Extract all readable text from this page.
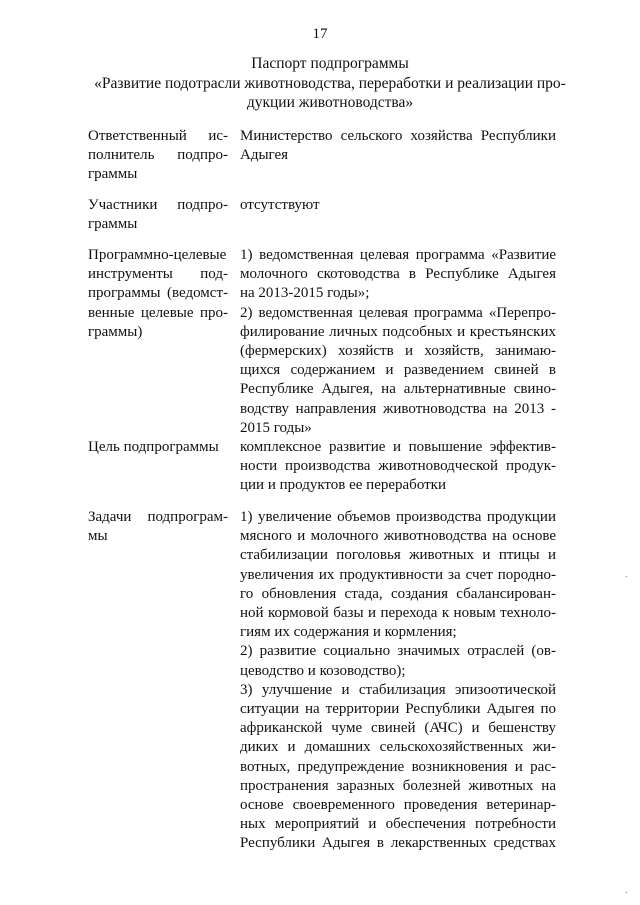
17
Паспорт подпрограммы
«Развитие подотрасли животноводства, переработки и реализации про-
дукции животноводства»
Ответственный ис-
полнитель подпро-
граммы
Министерство сельского хозяйства Республики
Адыгея
Участники подпро-
граммы
отсутствуют
Программно-целевые
инструменты под-
программы (ведомст-
венные целевые про-
граммы)
1) ведомственная целевая программа «Развитие
молочного скотоводства в Республике Адыгея
на 2013-2015 годы»;
2) ведомственная целевая программа «Перепро-
филирование личных подсобных и крестьянских
(фермерских) хозяйств и хозяйств, занимаю-
щихся содержанием и разведением свиней в
Республике Адыгея, на альтернативные свино-
водству направления животноводства на 2013 -
2015 годы»
Цель подпрограммы	комплексное развитие и повышение эффектив-
ности производства животноводческой продук-
ции и продуктов ее переработки
Задачи подпрограм-
мы
1) увеличение объемов производства продукции
мясного и молочного животноводства на основе
стабилизации поголовья животных и птицы и
увеличения их продуктивности за счет породно-
го обновления стада, создания сбалансирован-
ной кормовой базы и перехода к новым техноло-
гиям их содержания и кормления;
2) развитие социально значимых отраслей (ов-
цеводство и козоводство);
3) улучшение и стабилизация эпизоотической
ситуации на территории Республики Адыгея по
африканской чуме свиней (АЧС) и бешенству
диких и домашних сельскохозяйственных жи-
вотных, предупреждение возникновения и рас-
пространения заразных болезней животных на
основе своевременного проведения ветеринар-
ных мероприятий и обеспечения потребности
Республики Адыгея в лекарственных средствах
·
·
